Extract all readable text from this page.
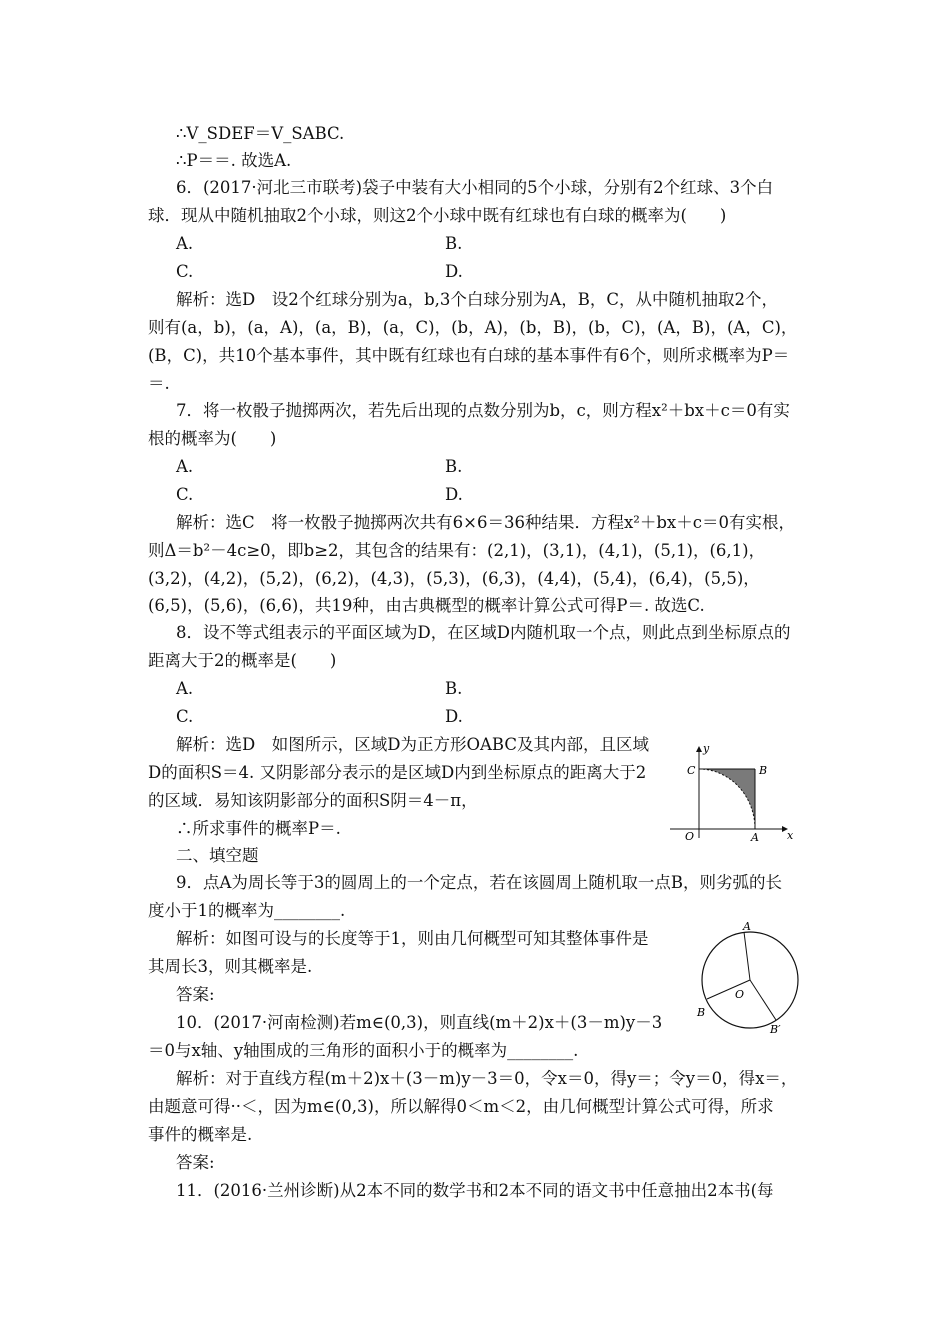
∴V_SDEF＝V_SABC.
∴P＝＝. 故选A.
6．(2017·河北三市联考)袋子中装有大小相同的5个小球，分别有2个红球、3个白
球．现从中随机抽取2个小球，则这2个小球中既有红球也有白球的概率为(　　)
A.	B.
C.	D.
解析：选D　设2个红球分别为a，b,3个白球分别为A，B，C，从中随机抽取2个，
则有(a，b)，(a，A)，(a，B)，(a，C)，(b，A)，(b，B)，(b，C)，(A，B)，(A，C)，
(B，C)，共10个基本事件，其中既有红球也有白球的基本事件有6个，则所求概率为P＝
＝.
7．将一枚骰子抛掷两次，若先后出现的点数分别为b，c，则方程x²＋bx＋c＝0有实
根的概率为(　　)
A.	B.
C.	D.
解析：选C　将一枚骰子抛掷两次共有6×6＝36种结果．方程x²＋bx＋c＝0有实根，
则Δ＝b²－4c≥0，即b≥2，其包含的结果有：(2,1)，(3,1)，(4,1)，(5,1)，(6,1)，
(3,2)，(4,2)，(5,2)，(6,2)，(4,3)，(5,3)，(6,3)，(4,4)，(5,4)，(6,4)，(5,5)，
(6,5)，(5,6)，(6,6)，共19种，由古典概型的概率计算公式可得P＝. 故选C.
8．设不等式组表示的平面区域为D，在区域D内随机取一个点，则此点到坐标原点的
距离大于2的概率是(　　)
A.	B.
C.	D.
解析：选D　如图所示，区域D为正方形OABC及其内部，且区域
D的面积S＝4. 又阴影部分表示的是区域D内到坐标原点的距离大于2
的区域．易知该阴影部分的面积S阴＝4－π，
∴所求事件的概率P＝.
y
x
O	A
B
C
二、填空题
9．点A为周长等于3的圆周上的一个定点，若在该圆周上随机取一点B，则劣弧的长
度小于1的概率为________.
解析：如图可设与的长度等于1，则由几何概型可知其整体事件是
其周长3，则其概率是.
答案:
A
B
O
B′
10．(2017·河南检测)若m∈(0,3)，则直线(m＋2)x＋(3－m)y－3
＝0与x轴、y轴围成的三角形的面积小于的概率为________.
解析：对于直线方程(m＋2)x＋(3－m)y－3＝0，令x＝0，得y＝；令y＝0，得x＝，
由题意可得··＜，因为m∈(0,3)，所以解得0＜m＜2，由几何概型计算公式可得，所求
事件的概率是.
答案:
11．(2016·兰州诊断)从2本不同的数学书和2本不同的语文书中任意抽出2本书(每
